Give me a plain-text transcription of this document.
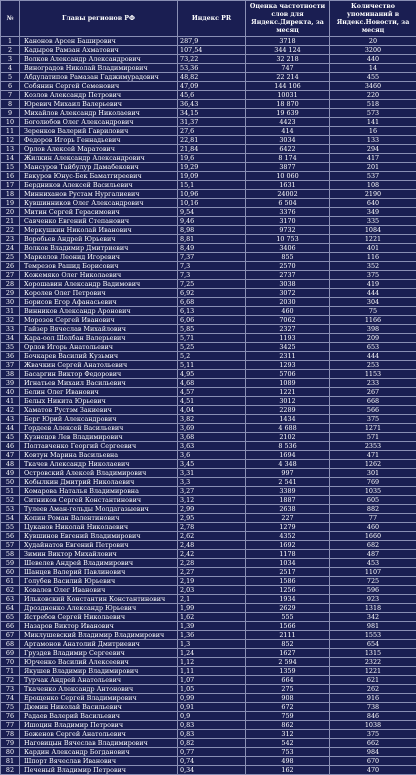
№	Главы регионов РФ	Индекс PR	Оценка частотности слов для Яндекс.Директа, за месяц	Количество упоминаний в Яндекс.Новости, за месяц
1	Канонов Арсен Баширович	287,9	3718	20
2	Кадыров Рамзан Ахматович	107,54	344 124	3200
3	Волков Александр Александрович	73,22	32 218	440
4	Виноградов Николай Владимирович	53,36	747	14
5	Абдулатипов Рамазан Гаджимурадович	48,82	22 214	455
6	Собянин Сергей Семенович	47,09	144 106	3460
7	Козлов Александр Петрович	45,6	10031	220
8	Юревич Михаил Валерьевич	36,43	18 870	518
9	Михайлов Александр Николаевич	34,15	19 639	573
10	Боголюбов Олег Александрович	31,37	4423	141
11	Зеренков Валерий Гаврилович	27,6	414	16
12	Федоров Игорь Геннадьевич	22,81	3034	133
13	Орлов Алексей Маратович	21,84	6422	294
14	Жилкин Александр Александрович	19,6	8 174	417
15	Мансуров Тайбулур Дамабекович	19,29	3877	201
16	Евкуров Юнус-Бек Баматгиреевич	19,09	10 060	537
17	Бердников Алексей Васильевич	15,1	1631	108
18	Минниханов Рустам Нургалиевич	10,96	24002	2190
19	Кувшинников Олег Александрович	10,16	6 504	640
20	Митин Сергей Герасимович	9,54	3376	349
21	Савченко Евгений Степанович	9,46	3170	335
22	Меркушкин Николай Иванович	8,98	9732	1084
23	Воробьев Андрей Юрьевич	8,81	10 753	1221
24	Волков Владимир Дмитриевич	8,49	3406	401
25	Маркелов Леонид Игоревич	7,37	855	116
26	Темрезов Рашид Борисович	7,3	2570	352
27	Кожемяко Олег Николаевич	7,3	2737	375
28	Хорошавин Александр Вадимович	7,25	3038	419
29	Королев Олег Петрович	6,92	3072	444
30	Борисов Егор Афанасьевич	6,68	2030	304
31	Винников Александр Аронович	6,13	460	75
32	Морозов Сергей Иванович	6,06	7062	1166
33	Гайзер Вячеслав Михайлович	5,85	2327	398
34	Кара-оол Шолбан Валерьевич	5,71	1193	209
35	Орлов Игорь Анатольевич	5,25	3425	653
36	Бочкарев Василий Кузьмич	5,2	2311	444
37	Жвачкин Сергей Анатольевич	5,11	1293	253
38	Басаргин Виктор Федорович	4,95	5706	1153
39	Игнатьев Михаил Васильевич	4,68	1089	233
40	Белин Олег Иванович	4,57	1221	267
41	Белых Никита Юрьевич	4,51	3012	668
42	Хаматов Рустэм Закиевич	4,04	2289	566
43	Берг Юрий Александрович	3,82	1434	375
44	Гордеев Алексей Васильевич	3,69	4 688	1271
45	Кузнецов Лев Владимирович	3,68	2102	571
46	Полтавченко Георгий Сергеевич	3,63	8 536	2353
47	Ковтун Марина Васильевна	3,6	1694	471
48	Ткачев Александр Николаевич	3,45	4 348	1262
49	Островский Алексей Владимирович	3,31	997	301
50	Кобылкин Дмитрий Николаевич	3,3	2 541	769
51	Комарова Наталья Владимировна	3,27	3389	1035
52	Ситников Сергей Константинович	3,12	1887	605
53	Тулеев Аман-гельды Молдагазыевич	2,99	2638	882
54	Копин Роман Валентинович	2,95	227	77
55	Цуканов Николай Николаевич	2,78	1279	460
56	Кувшинов Евгений Владимирович	2,62	4352	1660
57	Худайнатов Евгений Петрович	2,48	1692	682
58	Зимин Виктор Михайлович	2,42	1178	487
59	Шевелев Андрей Владимирович	2,28	1034	453
60	Шанцев Валерий Павлинович	2,27	2517	1107
61	Голубев Василий Юрьевич	2,19	1586	725
62	Ковалев Олег Иванович	2,03	1256	596
63	Ильковский Константин Константинович	2,1	1934	923
64	Дроздненко Александр Юрьевич	1,99	2629	1318
65	Ястребов Сергей Николаевич	1,62	555	342
66	Назаров Виктор Иванович	1,39	1566	981
67	Миклушевский Владимир Владимирович	1,36	2111	1553
68	Артамонов Анатолий Дмитриевич	1,3	852	654
69	Груздев Владимир Сергеевич	1,24	1627	1315
70	Юрченко Василий Алексеевич	1,12	2 594	2322
71	Якушев Владимир Владимирович	1,11	1359	1221
72	Турчак Андрей Анатольевич	1,07	664	621
73	Ткаченко Александр Антонович	1,05	275	262
74	Ерощенко Сергей Владимирович	0,99	908	916
75	Дюмин Николай Васильевич	0,91	672	738
76	Радаев Валерий Васильевич	0,9	759	846
77	Ишоцин Владимир Петрович	0,83	862	1038
78	Боженов Сергей Анатольевич	0,83	312	375
79	Наговицын Вячеслав Владимирович	0,82	542	662
80	Кардин Александр Богданович	0,77	753	984
81	Шпорт Вячеслав Иванович	0,74	498	670
82	Печеный Владимир Петрович	0,34	162	470
